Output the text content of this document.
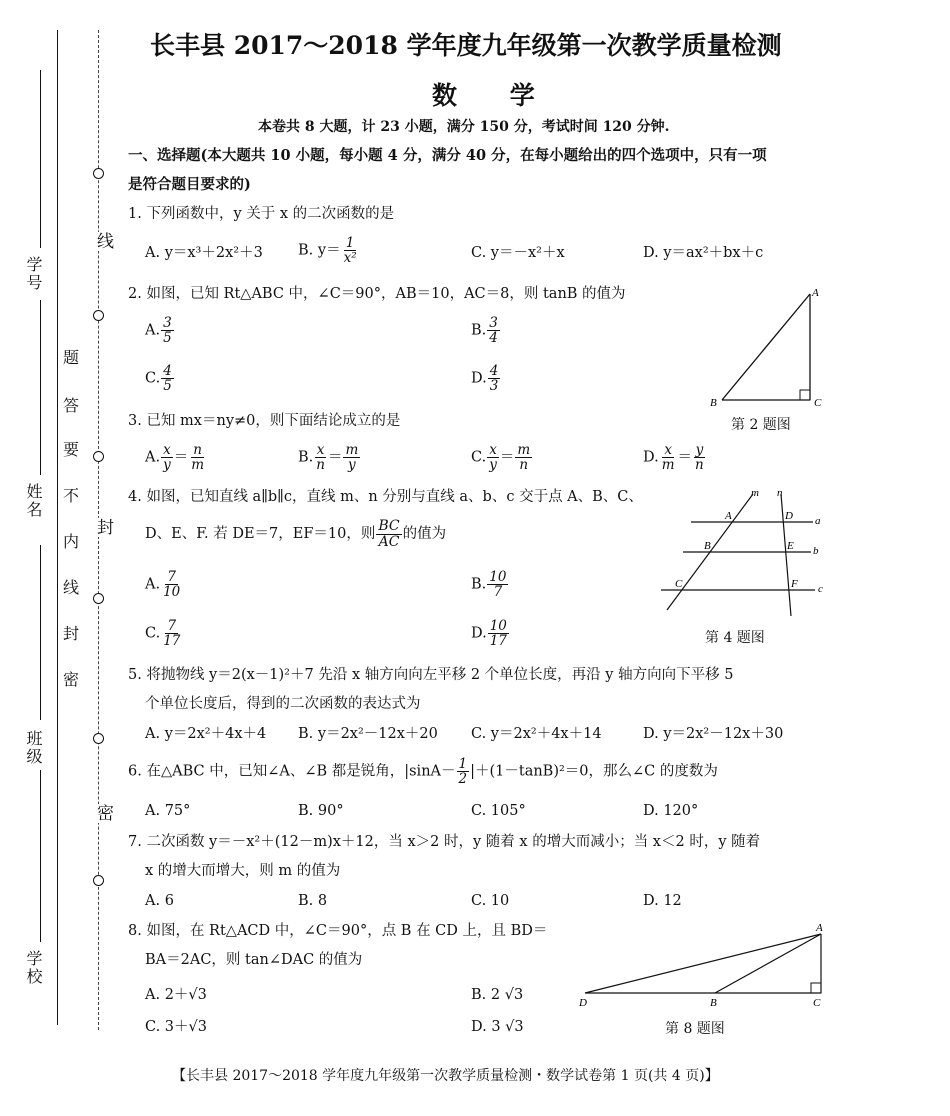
学号
姓名
班级
学校
线
封
密
题
答
要
不
内
线
封
密
长丰县 2017～2018 学年度九年级第一次教学质量检测
数 学
本卷共 8 大题，计 23 小题，满分 150 分，考试时间 120 分钟.
一、选择题(本大题共 10 小题，每小题 4 分，满分 40 分，在每小题给出的四个选项中，只有一项
是符合题目要求的)
1. 下列函数中，y 关于 x 的二次函数的是
A. y＝x³＋2x²＋3 B. $y= \frac{1}{\text{x²}}$	C. y＝－x²＋x	D. y＝ax²＋bx＋c
2. 如图，已知 Rt△ABC 中，∠C＝90°，AB＝10，AC＝8，则 tanB 的值为
A. $\frac{3}{5}$	B. $\frac{3}{4}$
C. $\frac{4}{5}$	D. $\frac{4}{3}$
A
B	C
第 2 题图
3. 已知 mx＝ny≠0，则下面结论成立的是
A. $\frac{x}{y} = \frac{n}{m}$	B. $\frac{x}{n} = \frac{m}{y}$	C. $\frac{x}{y} = \frac{m}{n}$	D. $\frac{x}{m} = \frac{y}{n}$
4. 如图，已知直线 a∥b∥c，直线 m、n 分别与直线 a、b、c 交于点 A、B、C、
D、E、F. 若 DE＝7，EF＝10，则 $\frac{BC}{AC}$ 的值为
A. $\frac{7}{10}$	B. $\frac{10}{7}$
C. $\frac{7}{17}$	D. $\frac{10}{17}$
m n
A	D a
B	E b
C	F c
第 4 题图
5. 将抛物线 y＝2(x－1)²＋7 先沿 x 轴方向向左平移 2 个单位长度，再沿 y 轴方向向下平移 5
个单位长度后，得到的二次函数的表达式为
A. y＝2x²＋4x＋4 B. y＝2x²－12x＋20 C. y＝2x²＋4x＋14	D. y＝2x²－12x＋30
6. 在△ABC 中，已知∠A、∠B 都是锐角，$|\sin A- \frac{1}{2} |+(1-\tan B)^2=0$，那么∠C 的度数为
A. 75°	B. 90°	C. 105°	D. 120°
7. 二次函数 y＝－x²＋(12－m)x＋12，当 x＞2 时，y 随着 x 的增大而减小；当 x＜2 时，y 随着
x 的增大而增大，则 m 的值为
A. 6	B. 8	C. 10	D. 12
8. 如图，在 Rt△ACD 中，∠C＝90°，点 B 在 CD 上，且 BD＝
BA＝2AC，则 tan∠DAC 的值为
A. 2＋√3	B. 2 √3
C. 3＋√3	D. 3 √3
A
D	B	C
第 8 题图
【长丰县 2017～2018 学年度九年级第一次教学质量检测・数学试卷第 1 页(共 4 页)】
